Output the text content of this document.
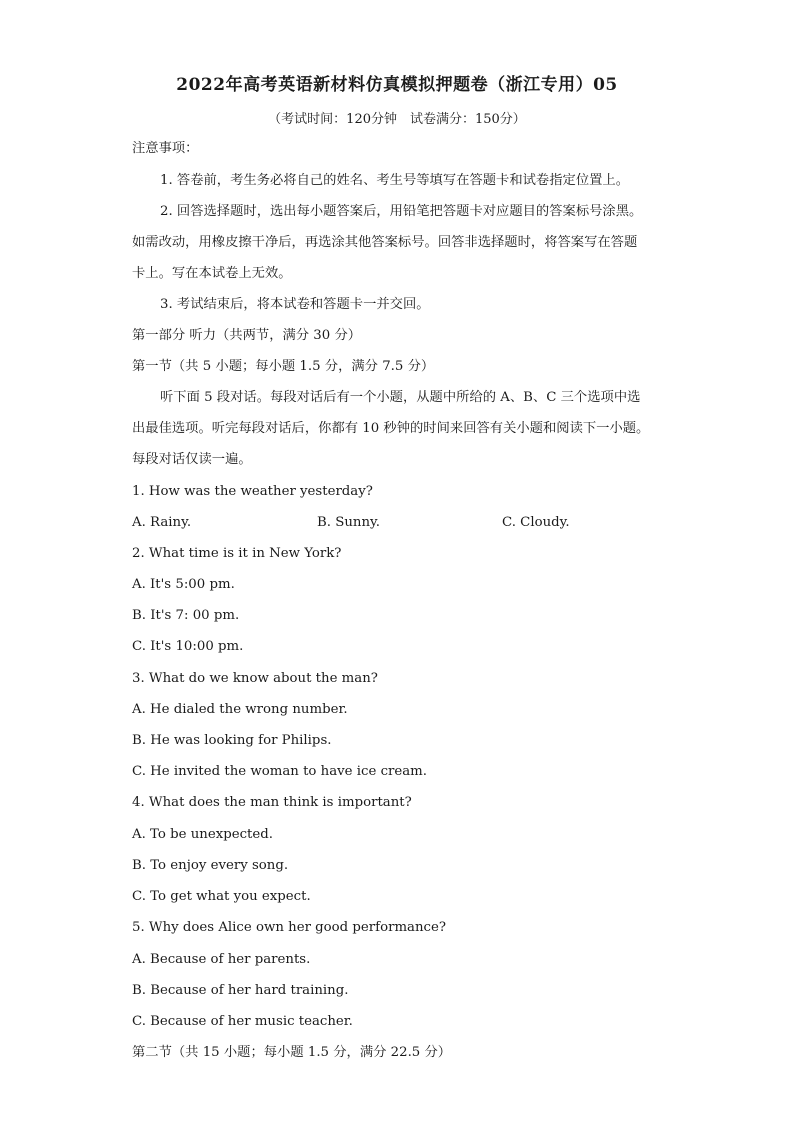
2022年高考英语新材料仿真模拟押题卷（浙江专用）05
（考试时间：120分钟　试卷满分：150分）
注意事项：
1. 答卷前，考生务必将自己的姓名、考生号等填写在答题卡和试卷指定位置上。
2. 回答选择题时，选出每小题答案后，用铅笔把答题卡对应题目的答案标号涂黑。
如需改动，用橡皮擦干净后，再选涂其他答案标号。回答非选择题时，将答案写在答题
卡上。写在本试卷上无效。
3. 考试结束后，将本试卷和答题卡一并交回。
第一部分 听力（共两节，满分 30 分）
第一节（共 5 小题；每小题 1.5 分，满分 7.5 分）
听下面 5 段对话。每段对话后有一个小题，从题中所给的 A、B、C 三个选项中选
出最佳选项。听完每段对话后，你都有 10 秒钟的时间来回答有关小题和阅读下一小题。
每段对话仅读一遍。
1. How was the weather yesterday?
A. Rainy.	B. Sunny.	C. Cloudy.
2. What time is it in New York?
A. It's 5:00 pm.
B. It's 7: 00 pm.
C. It's 10:00 pm.
3. What do we know about the man?
A. He dialed the wrong number.
B. He was looking for Philips.
C. He invited the woman to have ice cream.
4. What does the man think is important?
A. To be unexpected.
B. To enjoy every song.
C. To get what you expect.
5. Why does Alice own her good performance?
A. Because of her parents.
B. Because of her hard training.
C. Because of her music teacher.
第二节（共 15 小题；每小题 1.5 分，满分 22.5 分）
